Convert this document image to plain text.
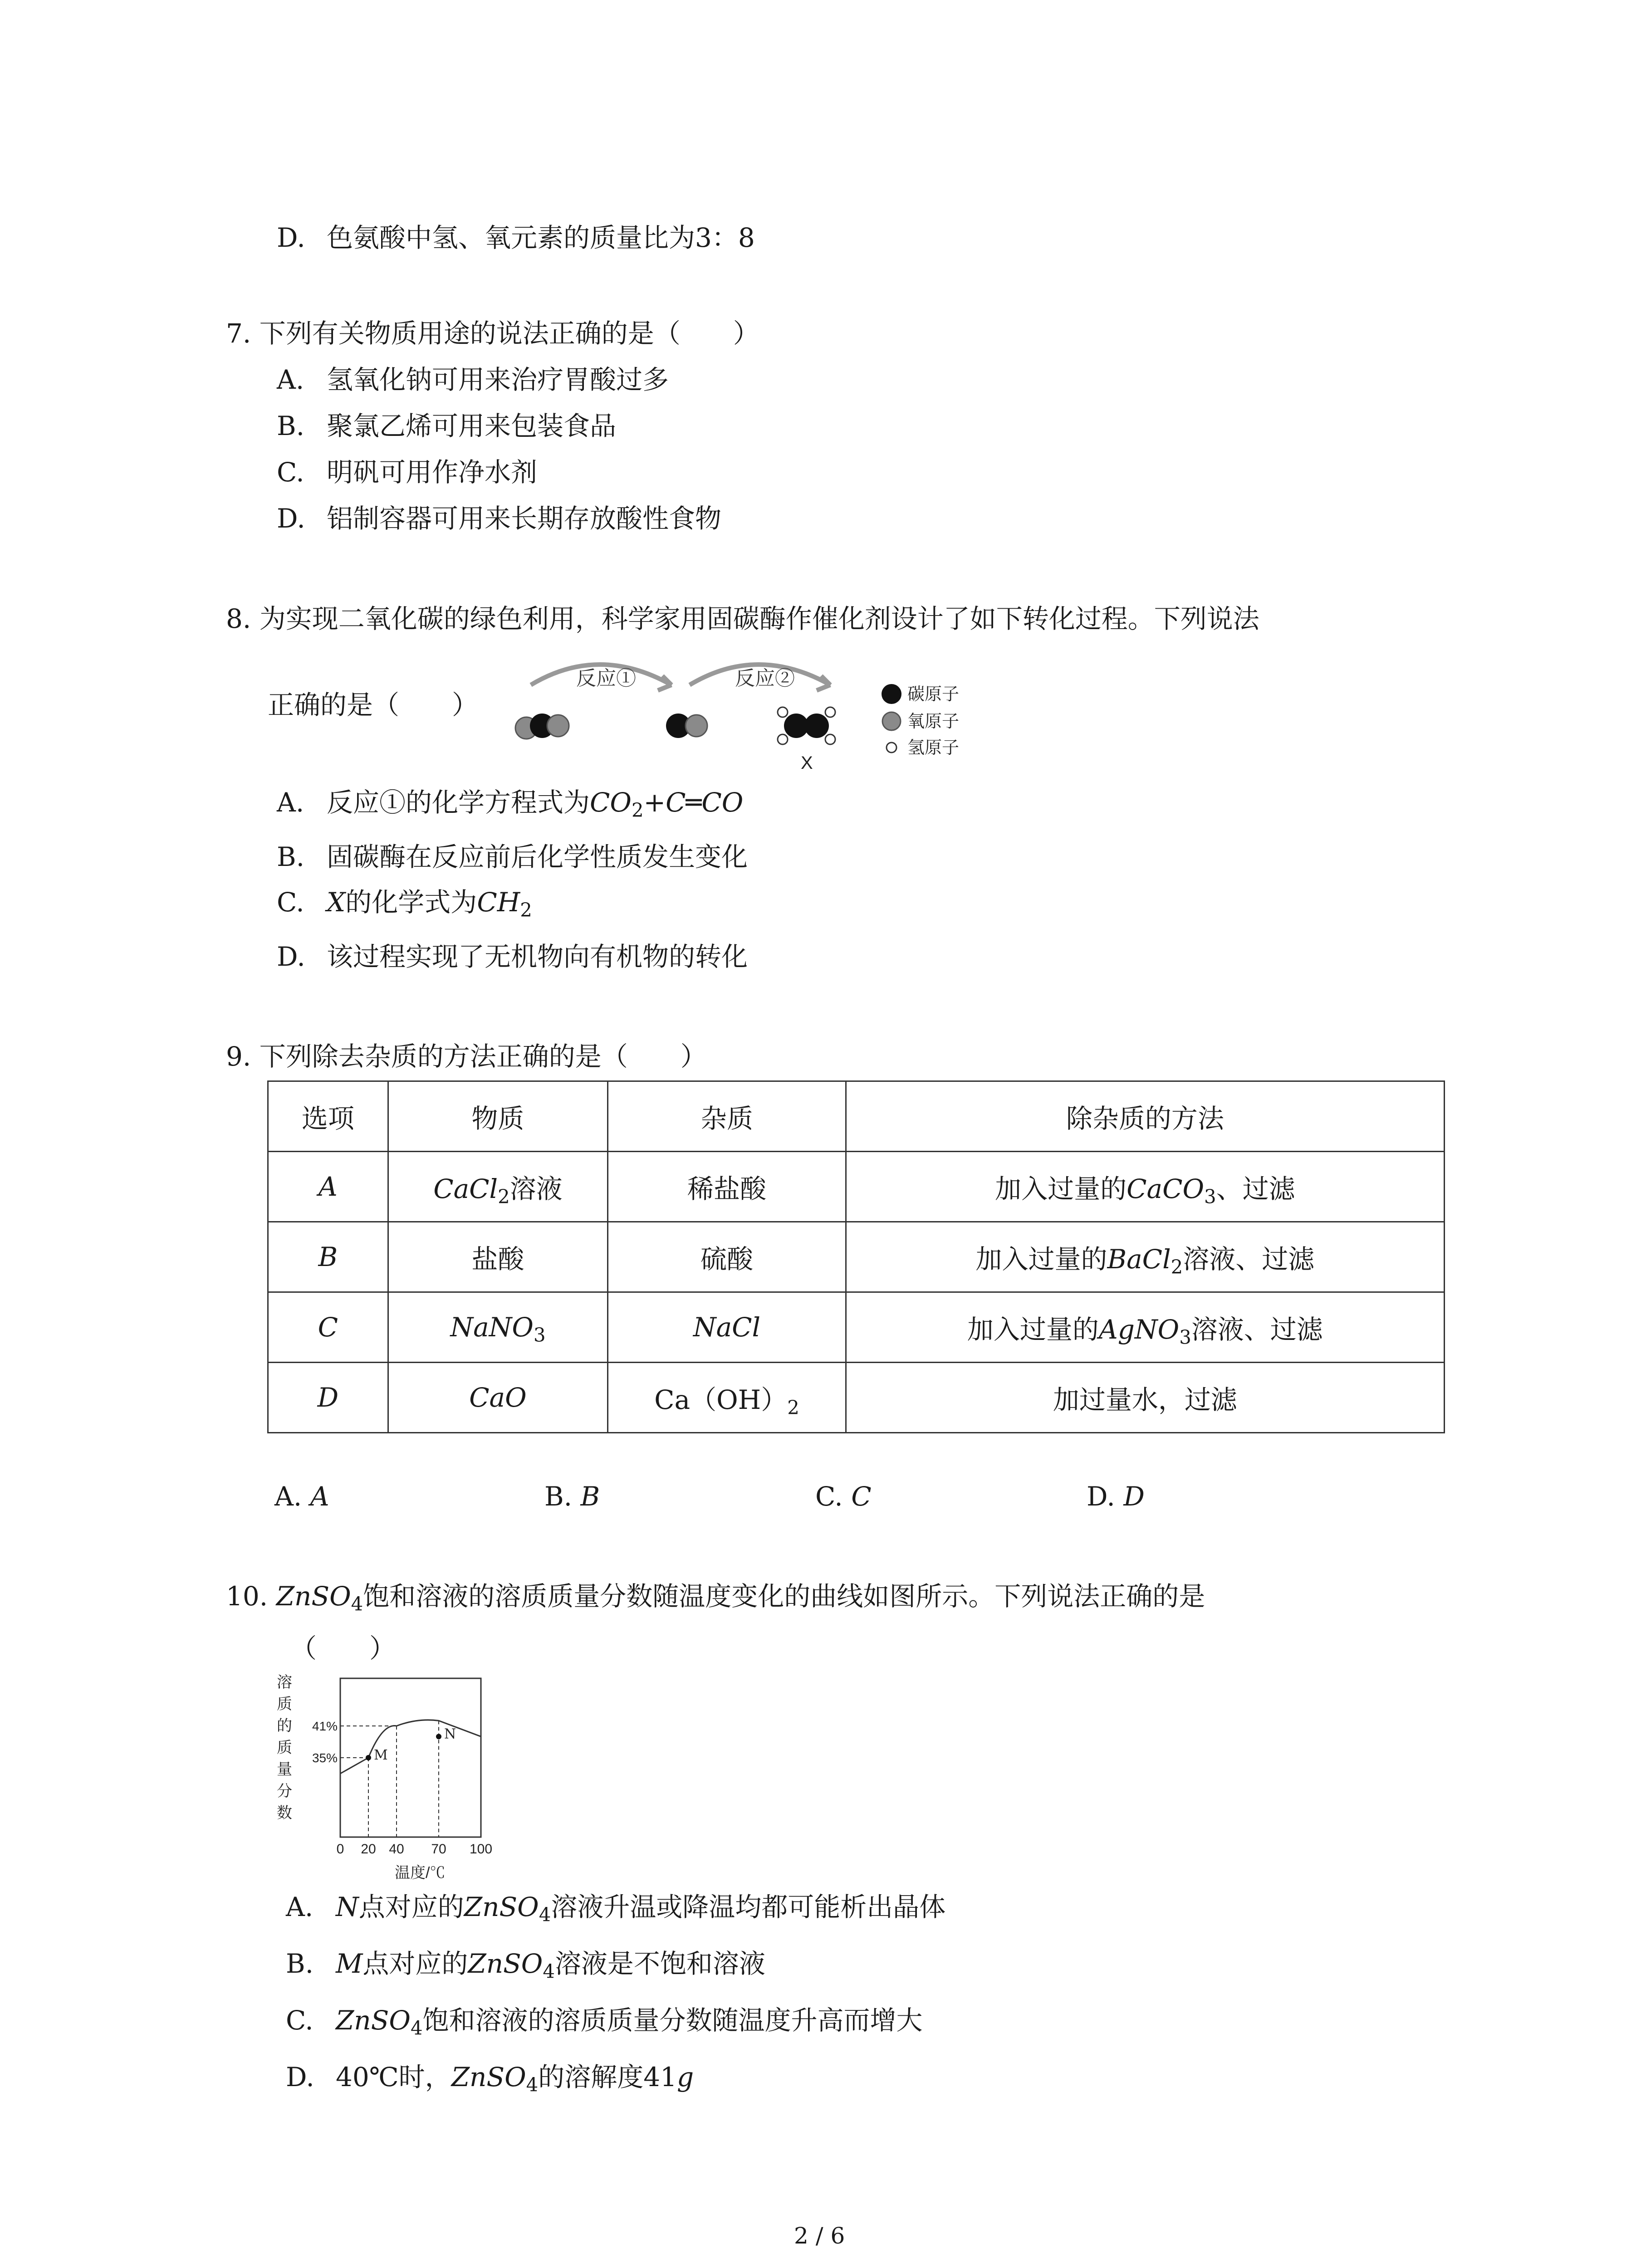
D. 色氨酸中氢、氧元素的质量比为3：8
7. 下列有关物质用途的说法正确的是（　　）
A. 氢氧化钠可用来治疗胃酸过多
B. 聚氯乙烯可用来包装食品
C. 明矾可用作净水剂
D. 铝制容器可用来长期存放酸性食物
8. 为实现二氧化碳的绿色利用，科学家用固碳酶作催化剂设计了如下转化过程。下列说法
正确的是（　　）
反应①	反应②
X
碳原子
氧原子
氢原子
A. 反应①的化学方程式为$CO_2+C═CO$
B. 固碳酶在反应前后化学性质发生变化
C. X的化学式为$CH_2$
D. 该过程实现了无机物向有机物的转化
9. 下列除去杂质的方法正确的是（　　）
选项	物质	杂质	除杂质的方法
A	CaCl$_2$溶液	稀盐酸	加入过量的CaCO$_3$、过滤
B	盐酸	硫酸	加入过量的BaCl$_2$溶液、过滤
C	NaNO$_3$	NaCl	加入过量的AgNO$_3$溶液、过滤
D	CaO	$Ca(OH)_2$	加过量水，过滤
A. A	B. B	C. C	D. D
10. ZnSO$_4$饱和溶液的溶质质量分数随温度变化的曲线如图所示。下列说法正确的是
（　　）
溶
质
的
质
量
分
数
35%
41%
0 20 40 70 100
M
N
温度/℃
A. N点对应的ZnSO$_4$溶液升温或降温均都可能析出晶体
B. M点对应的ZnSO$_4$溶液是不饱和溶液
C. ZnSO$_4$饱和溶液的溶质质量分数随温度升高而增大
D. 40℃时，ZnSO$_4$的溶解度41g
2 / 6
